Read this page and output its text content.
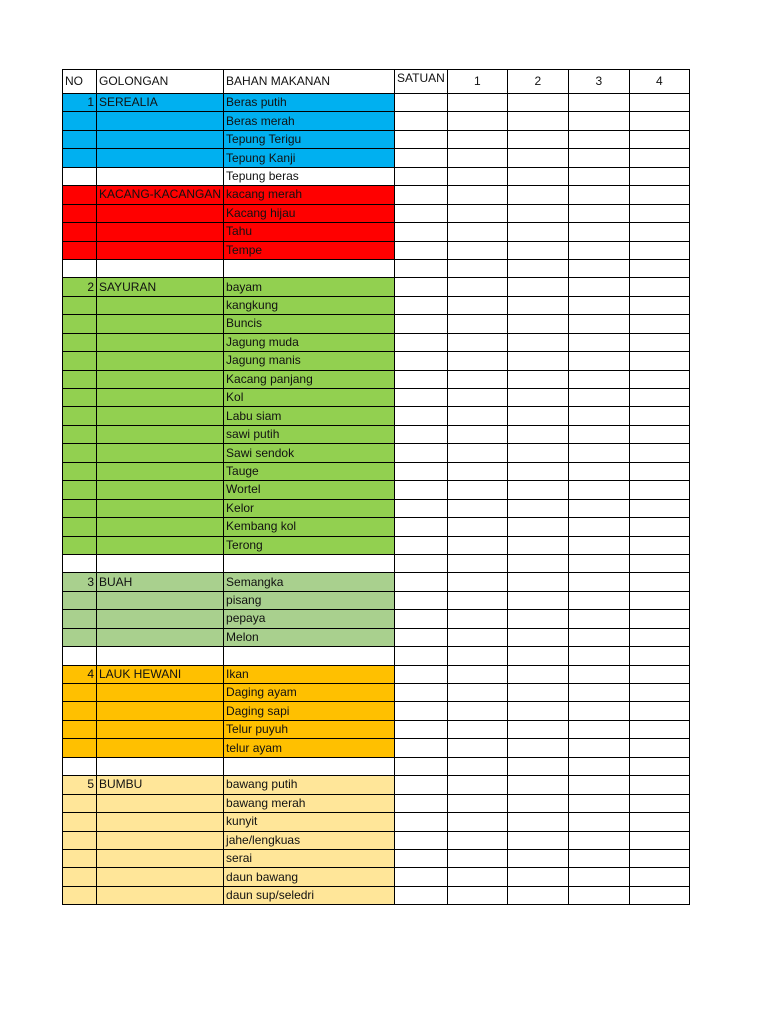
NO	GOLONGAN	BAHAN MAKANAN	SATUAN	1	2	3	4
1	SEREALIA	Beras putih					
		Beras merah					
		Tepung Terigu					
		Tepung Kanji					
		Tepung beras					
	KACANG-KACANGAN	kacang merah					
		Kacang hijau					
		Tahu					
		Tempe					

2	SAYURAN	bayam					
		kangkung					
		Buncis					
		Jagung muda					
		Jagung manis					
		Kacang panjang					
		Kol					
		Labu siam					
		sawi putih					
		Sawi sendok					
		Tauge					
		Wortel					
		Kelor					
		Kembang kol					
		Terong					

3	BUAH	Semangka					
		pisang					
		pepaya					
		Melon					

4	LAUK HEWANI	Ikan					
		Daging ayam					
		Daging sapi					
		Telur puyuh					
		telur ayam					

5	BUMBU	bawang putih					
		bawang merah					
		kunyit					
		jahe/lengkuas					
		serai					
		daun bawang					
		daun sup/seledri					
